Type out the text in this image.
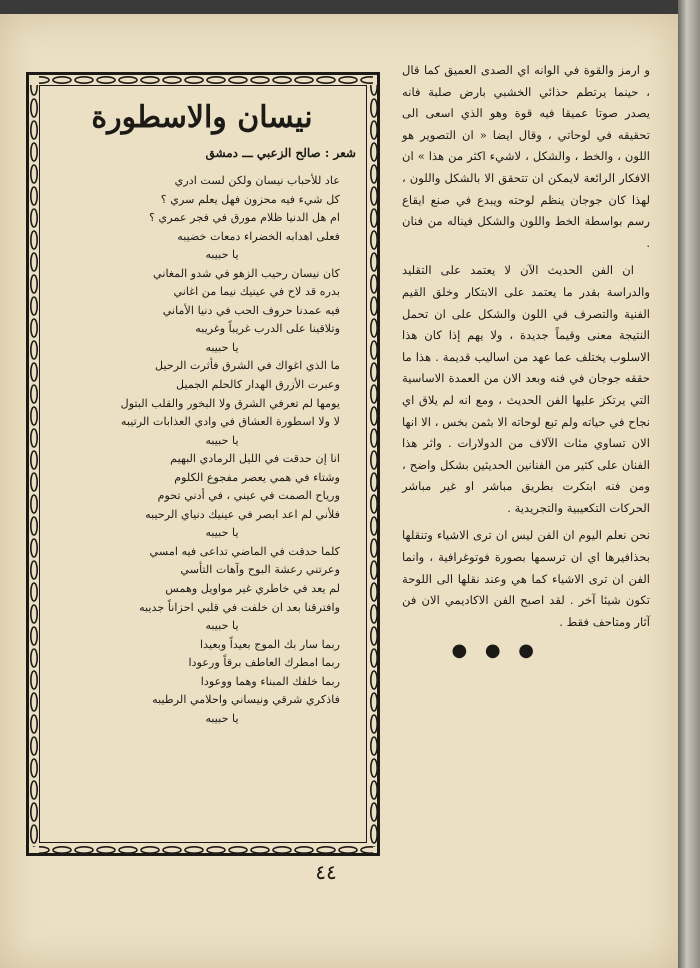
و ارمز والقوة في الوانه اي الصدى العميق كما قال ، حينما يرتطم حذائي الخشبي بارض صلبة فانه يصدر صوتا عميقا فيه قوة وهو الذي اسعى الى تحقيقه في لوحاتي ، وقال ايضا « ان التصوير هو اللون ، والخط ، والشكل ، لاشيء اكثر من هذا » ان الافكار الرائعة لايمكن ان تتحقق الا بالشكل واللون ، لهذا كان جوجان ينظم لوحته ويبدع في صنع ايقاع رسم بواسطة الخط واللون والشكل فيناله من فنان .

ان الفن الحديث الآن لا يعتمد على التقليد والدراسة بقدر ما يعتمد على الابتكار وخلق القيم الفنية والتصرف في اللون والشكل على ان تحمل النتيجة معنى وقيماً جديدة ، ولا يهم إذا كان هذا الاسلوب يختلف عما عهد من اساليب قديمة . هذا ما حققه جوجان في فنه وبعد الان من العمدة الاساسية التي يرتكز عليها الفن الحديث ، ومع انه لم يلاق اي نجاح في حياته ولم تبع لوحاته الا بثمن بخس ، الا انها الان تساوي مئات الآلاف من الدولارات . واثر هذا الفنان على كثير من الفنانين الحديثين بشكل واضح ، ومن فنه ابتكرت بطريق مباشر او غير مباشر الحركات التكعيبية والتجريدية .

نحن نعلم اليوم ان الفن ليس ان ترى الاشياء وتنقلها بحذافيرها اي ان ترسمها بصورة فوتوغرافية ، وانما الفن ان ترى الاشياء كما هي وعند نقلها الى اللوحة تكون شيئا آخر . لقد اصبح الفن الاكاديمي الان فن آثار ومتاحف فقط .

● ● ●
نيسان والاسطورة
شعر : صالح الزعبي ـــ دمشق
عاد للأحباب نيسان ولكن لست ادري
كل شيء فيه محزون فهل يعلم سري ؟
ام هل الدنيا ظلام مورق في فجر عمري ؟
فعلى اهدابه الخضراء دمعات خضيبه
يا حبيبه
كان نيسان رحيب الزهو في شدو المغاني
بدره قد لاح في عينيك نيما من اغاني
فيه عمدنا حروف الحب في دنيا الأماني
وتلاقينا على الدرب غريباً وغريبه
يا حبيبه
ما الذي اغواك في الشرق فأثرت الرحيل
وعبرت الأزرق الهدار كالحلم الجميل
يومها لم تعرفي الشرق ولا البخور والقلب البتول
لا ولا اسطورة العشاق في وادي العذابات الرتيبه
يا حبيبه
انا إن حدقت في الليل الرمادي البهيم
وشتاء في همي يعصر مفجوع الكلوم
ورياح الصمت في عيني ، في أدني تحوم
فلأني لم اعد ابصر في عينيك دنياي الرحيبه
يا حبيبه
كلما حدقت في الماضي تداعى فيه امسي
وعرتني رعشة البوح وآهات التأسي
لم يعد في خاطري غير مواويل وهمس
وافترقنا بعد ان خلفت في قلبي احزاناً جديبه
يا حبيبه
ربما سار بك الموج بعيداً وبعيدا
ربما امطرك العاطف برقاً ورعودا
ربما خلفك المبناء وهما ووعودا
فاذكري شرقي ونيساني واحلامي الرطيبه
يا حبيبه
٤٤
